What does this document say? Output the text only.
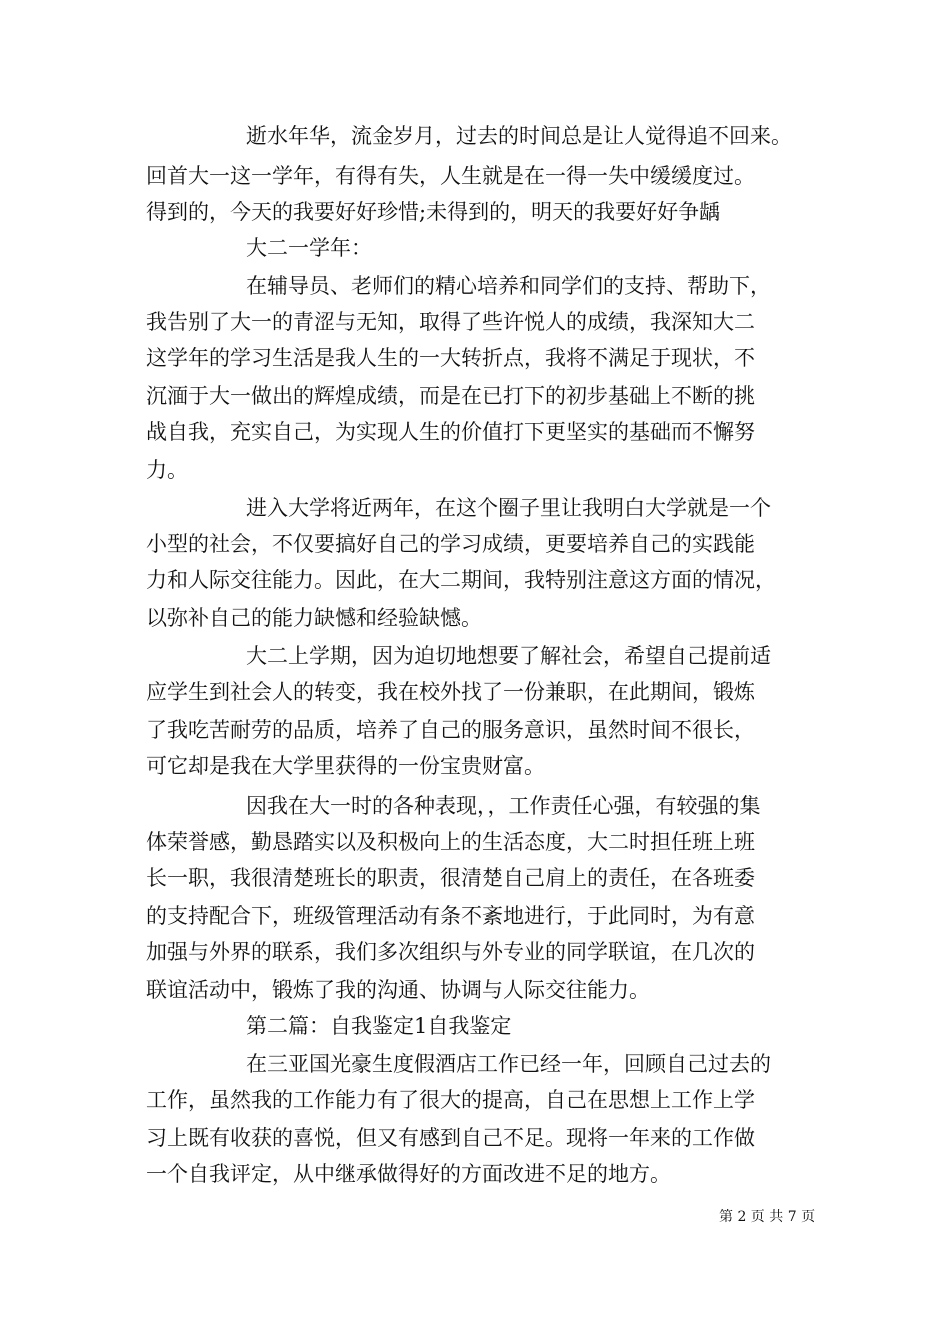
逝水年华，流金岁月，过去的时间总是让人觉得追不回来。
回首大一这一学年，有得有失，人生就是在一得一失中缓缓度过。
得到的，今天的我要好好珍惜;未得到的，明天的我要好好争龋
大二一学年：
在辅导员、老师们的精心培养和同学们的支持、帮助下，
我告别了大一的青涩与无知，取得了些许悦人的成绩，我深知大二
这学年的学习生活是我人生的一大转折点，我将不满足于现状，不
沉湎于大一做出的辉煌成绩，而是在已打下的初步基础上不断的挑
战自我，充实自己，为实现人生的价值打下更坚实的基础而不懈努
力。
进入大学将近两年，在这个圈子里让我明白大学就是一个
小型的社会，不仅要搞好自己的学习成绩，更要培养自己的实践能
力和人际交往能力。因此，在大二期间，我特别注意这方面的情况，
以弥补自己的能力缺憾和经验缺憾。
大二上学期，因为迫切地想要了解社会，希望自己提前适
应学生到社会人的转变，我在校外找了一份兼职，在此期间，锻炼
了我吃苦耐劳的品质，培养了自己的服务意识，虽然时间不很长，
可它却是我在大学里获得的一份宝贵财富。
因我在大一时的各种表现，，工作责任心强，有较强的集
体荣誉感，勤恳踏实以及积极向上的生活态度，大二时担任班上班
长一职，我很清楚班长的职责，很清楚自己肩上的责任，在各班委
的支持配合下，班级管理活动有条不紊地进行，于此同时，为有意
加强与外界的联系，我们多次组织与外专业的同学联谊，在几次的
联谊活动中，锻炼了我的沟通、协调与人际交往能力。
第二篇：自我鉴定1自我鉴定
在三亚国光豪生度假酒店工作已经一年，回顾自己过去的
工作，虽然我的工作能力有了很大的提高，自己在思想上工作上学
习上既有收获的喜悦，但又有感到自己不足。现将一年来的工作做
一个自我评定，从中继承做得好的方面改进不足的地方。
第 2 页 共 7 页
